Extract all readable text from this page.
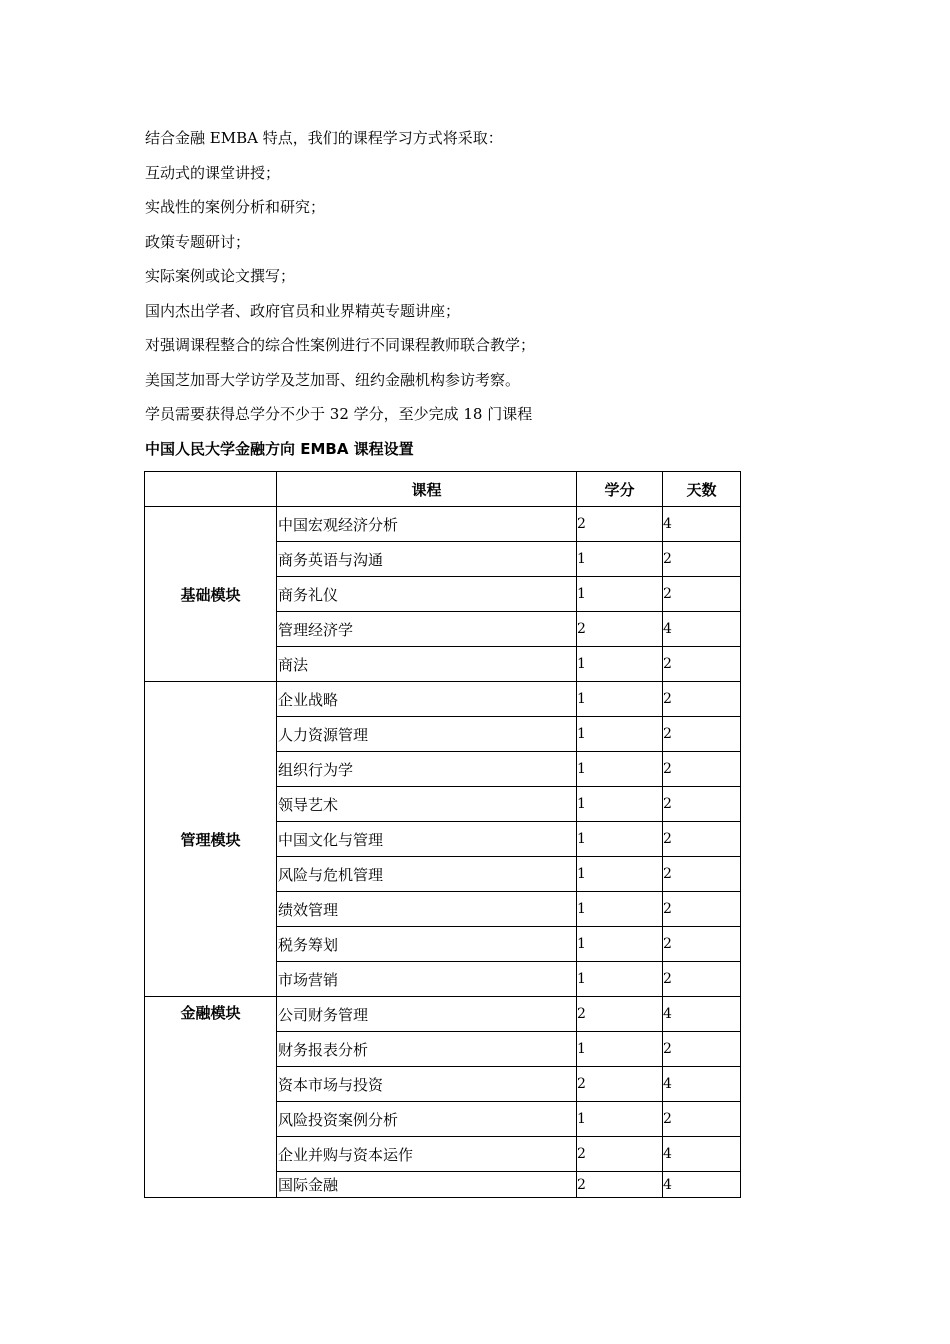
结合金融 EMBA 特点，我们的课程学习方式将采取：
互动式的课堂讲授；
实战性的案例分析和研究；
政策专题研讨；
实际案例或论文撰写；
国内杰出学者、政府官员和业界精英专题讲座；
对强调课程整合的综合性案例进行不同课程教师联合教学；
美国芝加哥大学访学及芝加哥、纽约金融机构参访考察。
学员需要获得总学分不少于 32 学分，至少完成 18 门课程
中国人民大学金融方向 EMBA 课程设置
	课程	学分	天数
基础模块	中国宏观经济分析	2	4
	商务英语与沟通	1	2
	商务礼仪	1	2
	管理经济学	2	4
	商法	1	2
管理模块	企业战略	1	2
	人力资源管理	1	2
	组织行为学	1	2
	领导艺术	1	2
	中国文化与管理	1	2
	风险与危机管理	1	2
	绩效管理	1	2
	税务筹划	1	2
	市场营销	1	2
金融模块	公司财务管理	2	4
	财务报表分析	1	2
	资本市场与投资	2	4
	风险投资案例分析	1	2
	企业并购与资本运作	2	4
	国际金融	2	4
